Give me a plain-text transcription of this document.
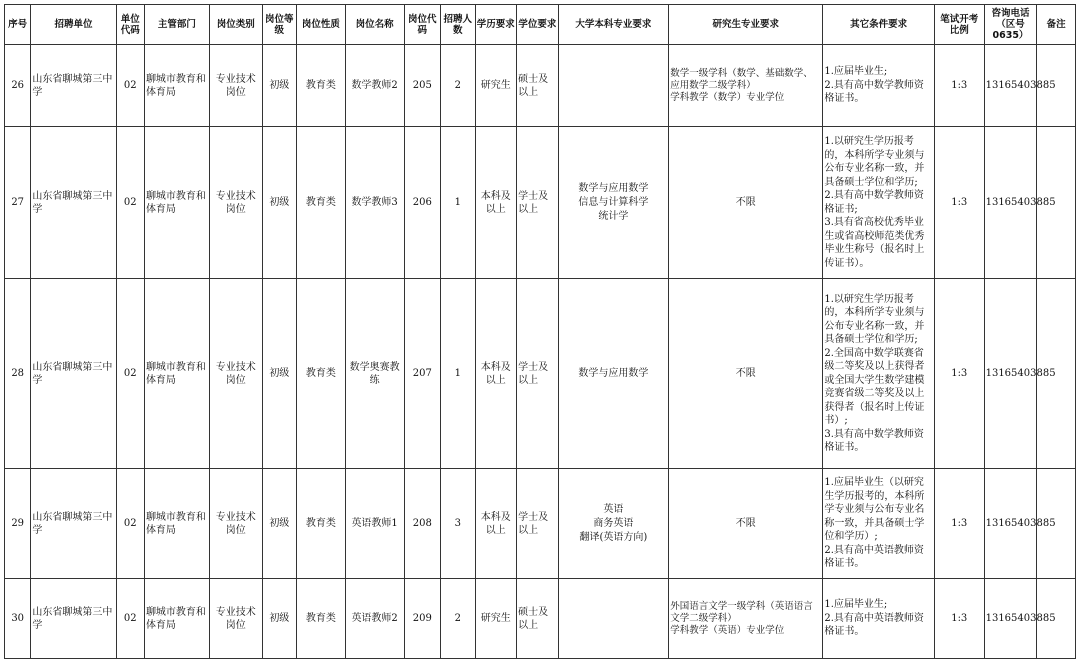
序号	招聘单位	单位代码	主管部门	岗位类别	岗位等级	岗位性质	岗位名称	岗位代码	招聘人数	学历要求	学位要求	大学本科专业要求	研究生专业要求	其它条件要求	笔试开考比例	咨询电话（区号0635）	备注
26	山东省聊城第三中学	02	聊城市教育和体育局	专业技术岗位	初级	教育类	数学教师2	205	2	研究生	硕士及以上		数学一级学科（数学、基础数学、应用数学二级学科）
学科教学（数学）专业学位	1.应届毕业生;
2.具有高中数学教师资格证书。	1:3	13165403885	
27	山东省聊城第三中学	02	聊城市教育和体育局	专业技术岗位	初级	教育类	数学教师3	206	1	本科及以上	学士及以上	数学与应用数学
信息与计算科学
统计学	不限	1.以研究生学历报考的，本科所学专业须与公布专业名称一致，并具备硕士学位和学历;
2.具有高中数学教师资格证书;
3.具有省高校优秀毕业生或省高校师范类优秀毕业生称号（报名时上传证书）。	1:3	13165403885	
28	山东省聊城第三中学	02	聊城市教育和体育局	专业技术岗位	初级	教育类	数学奥赛教练	207	1	本科及以上	学士及以上	数学与应用数学	不限	1.以研究生学历报考的，本科所学专业须与公布专业名称一致，并具备硕士学位和学历;
2.全国高中数学联赛省级二等奖及以上获得者或全国大学生数学建模竞赛省级二等奖及以上获得者（报名时上传证书）;
3.具有高中数学教师资格证书。	1:3	13165403885	
29	山东省聊城第三中学	02	聊城市教育和体育局	专业技术岗位	初级	教育类	英语教师1	208	3	本科及以上	学士及以上	英语
商务英语
翻译(英语方向)	不限	1.应届毕业生（以研究生学历报考的，本科所学专业须与公布专业名称一致，并具备硕士学位和学历）;
2.具有高中英语教师资格证书。	1:3	13165403885	
30	山东省聊城第三中学	02	聊城市教育和体育局	专业技术岗位	初级	教育类	英语教师2	209	2	研究生	硕士及以上		外国语言文学一级学科（英语语言文学二级学科）
学科教学（英语）专业学位	1.应届毕业生;
2.具有高中英语教师资格证书。	1:3	13165403885	
